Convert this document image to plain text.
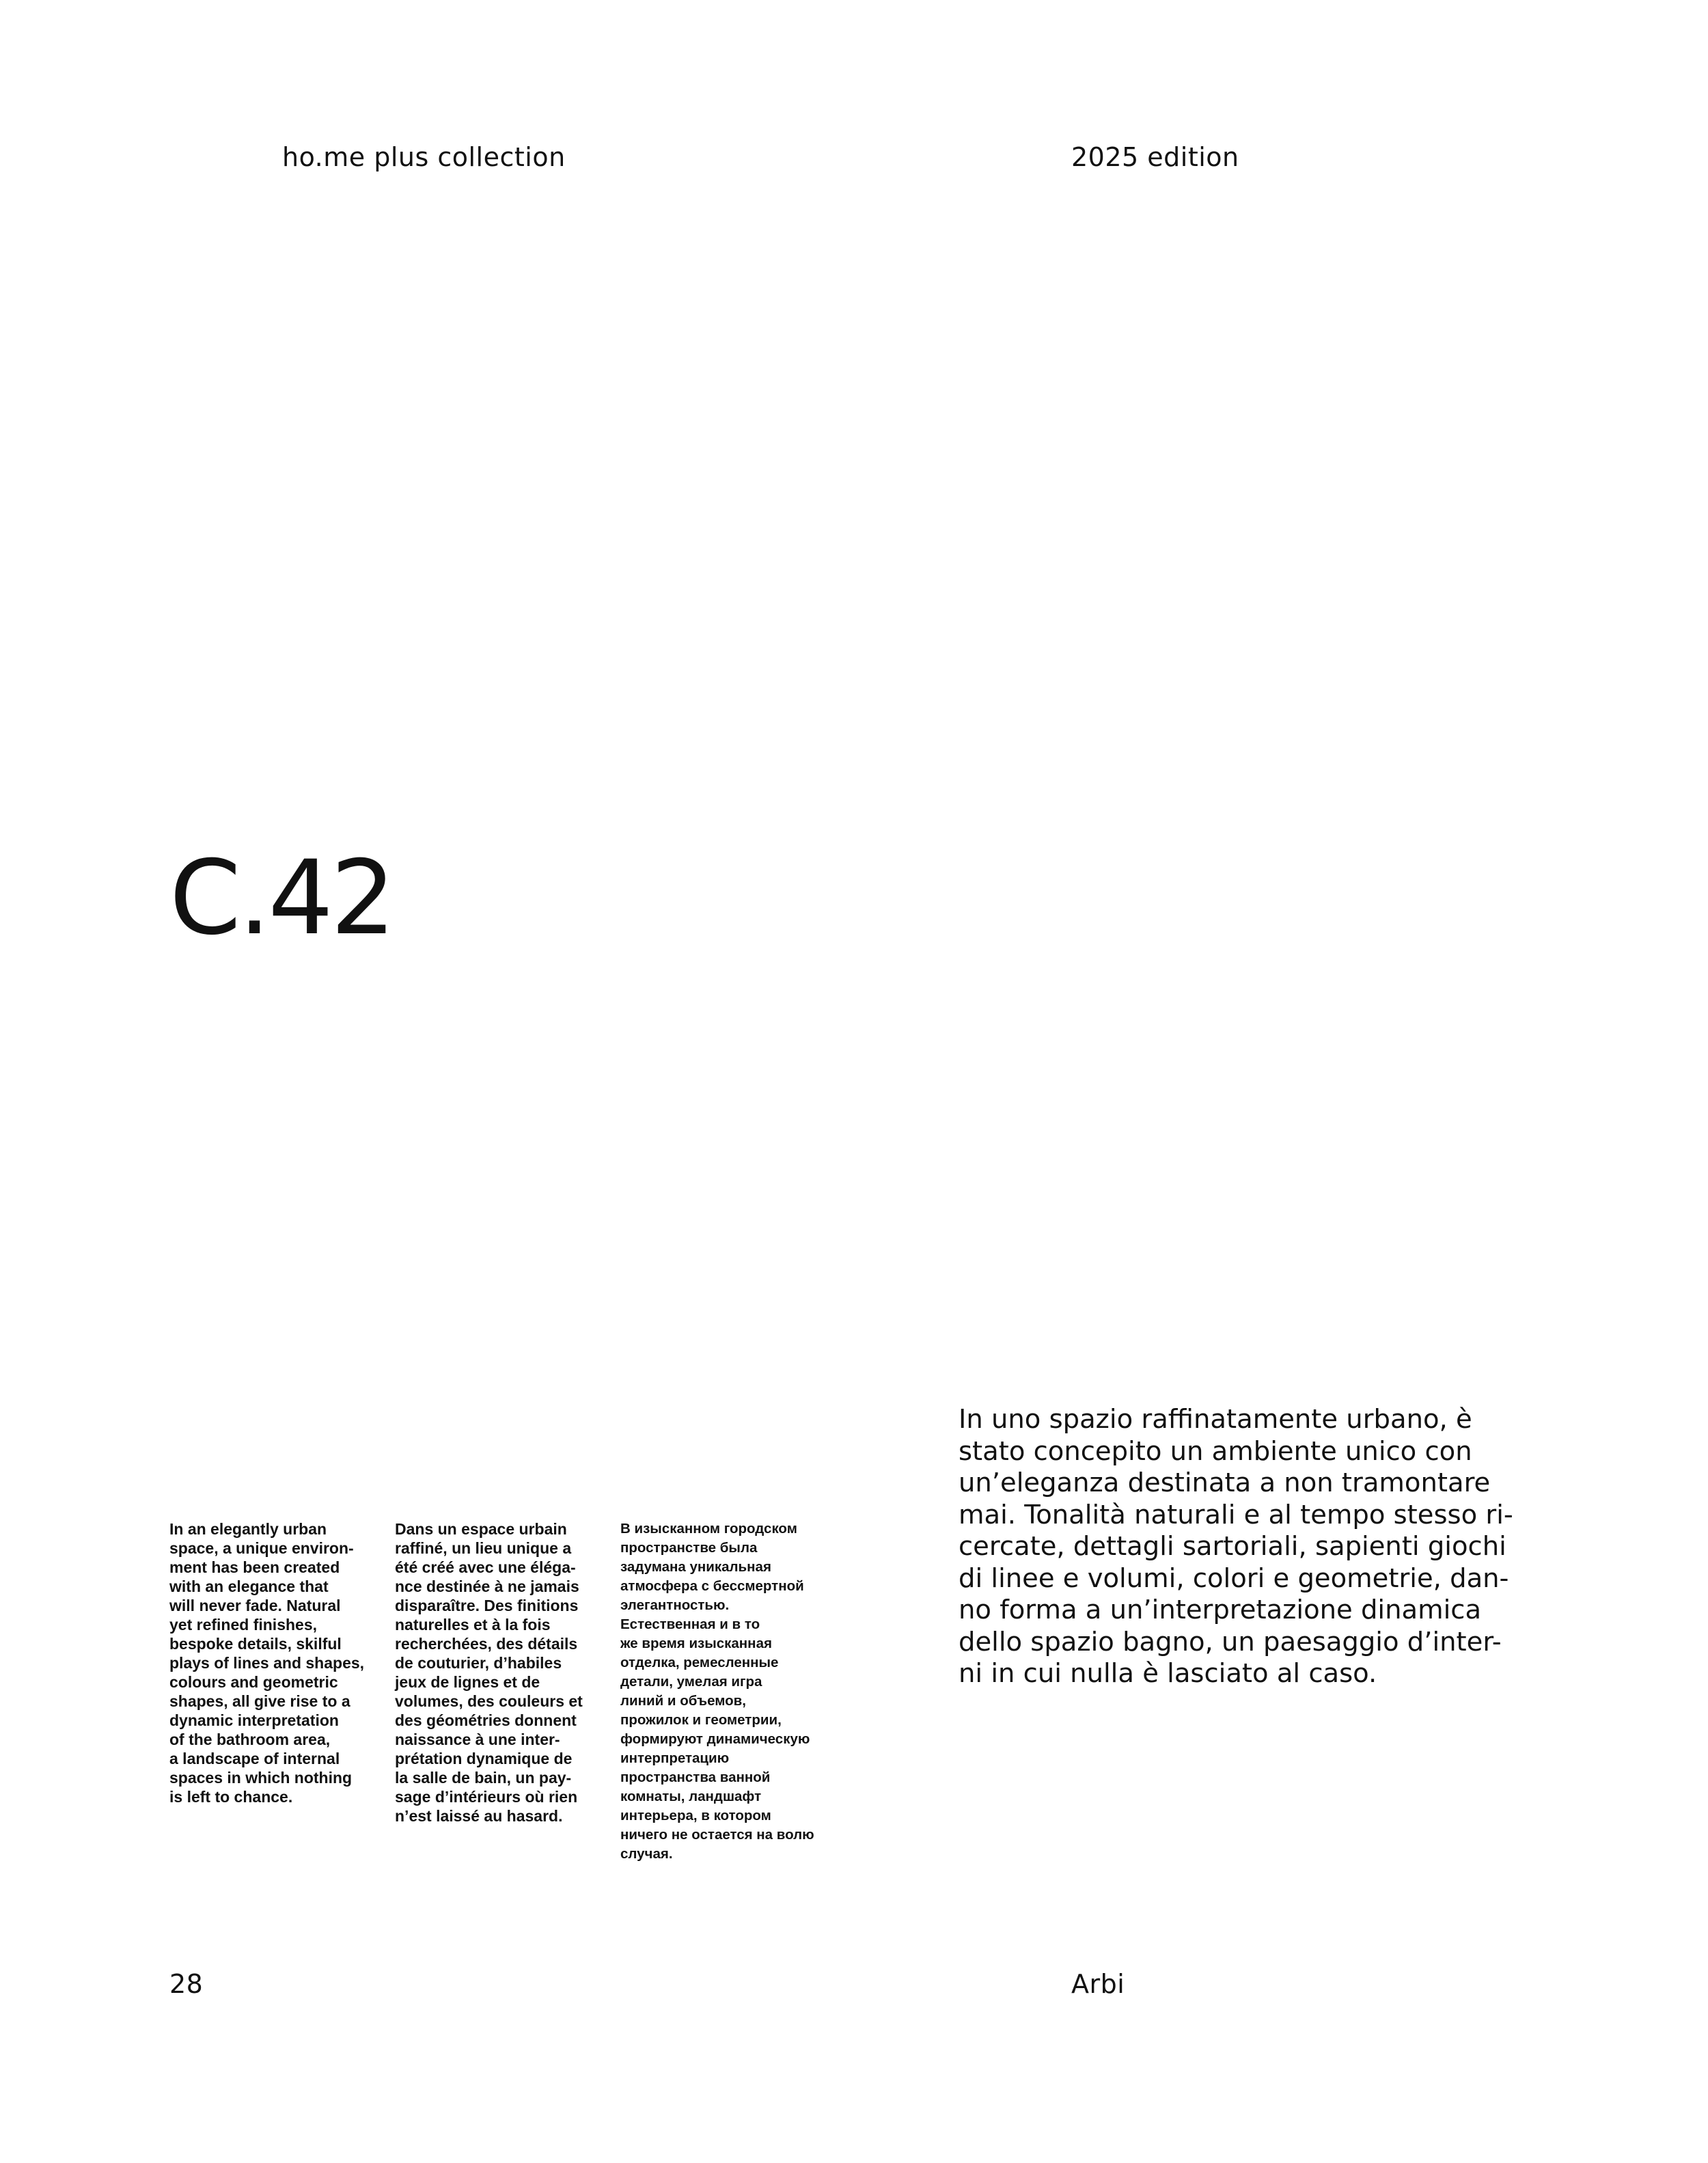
ho.me plus collection	2025 edition
C.42
In an elegantly urban
space, a unique environ-
ment has been created
with an elegance that
will never fade. Natural
yet refined finishes,
bespoke details, skilful
plays of lines and shapes,
colours and geometric
shapes, all give rise to a
dynamic interpretation
of the bathroom area,
a landscape of internal
spaces in which nothing
is left to chance.
Dans un espace urbain
raffiné, un lieu unique a
été créé avec une éléga-
nce destinée à ne jamais
disparaître. Des finitions
naturelles et à la fois
recherchées, des détails
de couturier, d’habiles
jeux de lignes et de
volumes, des couleurs et
des géométries donnent
naissance à une inter-
prétation dynamique de
la salle de bain, un pay-
sage d’intérieurs où rien
n’est laissé au hasard.
В изысканном городском
пространстве была
задумана уникальная
атмосфера с бессмертной
элегантностью.
Естественная и в то
же время изысканная
отделка, ремесленные
детали, умелая игра
линий и объемов,
прожилок и геометрии,
формируют динамическую
интерпретацию
пространства ванной
комнаты, ландшафт
интерьера, в котором
ничего не остается на волю
случая.
In uno spazio raffinatamente urbano, è
stato concepito un ambiente unico con
un’eleganza destinata a non tramontare
mai. Tonalità naturali e al tempo stesso ri-
cercate, dettagli sartoriali, sapienti giochi
di linee e volumi, colori e geometrie, dan-
no forma a un’interpretazione dinamica
dello spazio bagno, un paesaggio d’inter-
ni in cui nulla è lasciato al caso.
28	Arbi
